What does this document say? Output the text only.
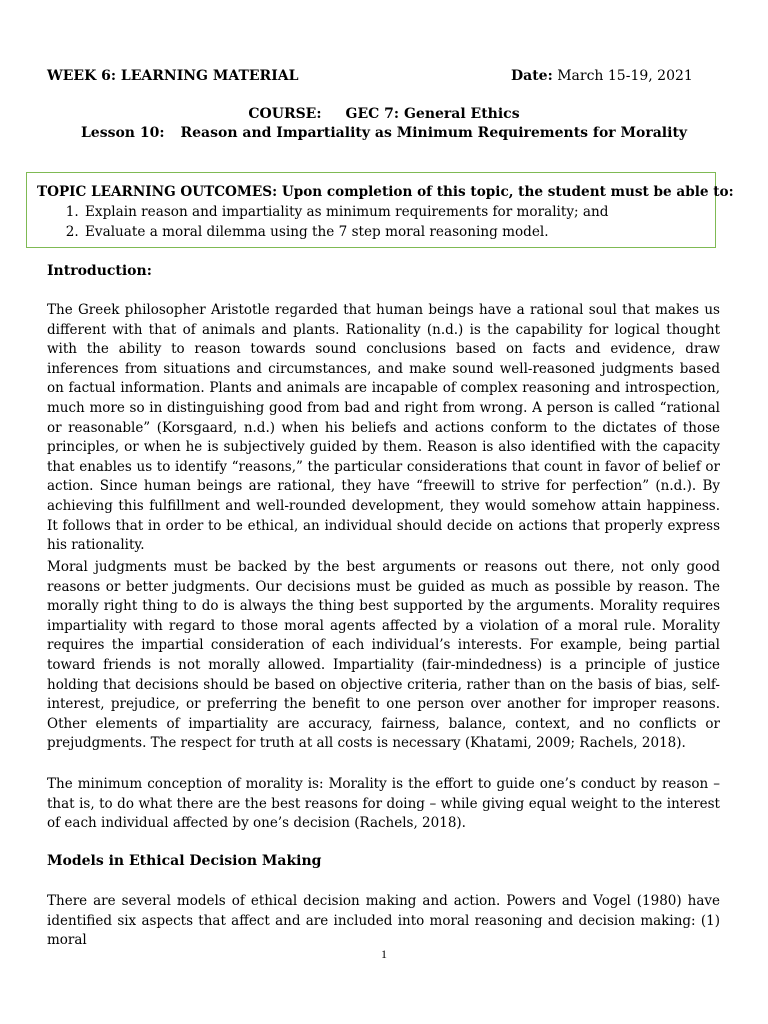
WEEK 6: LEARNING MATERIAL	Date: March 15-19, 2021
COURSE: GEC 7: General Ethics
Lesson 10: Reason and Impartiality as Minimum Requirements for Morality
TOPIC LEARNING OUTCOMES: Upon completion of this topic, the student must be able to:
1. Explain reason and impartiality as minimum requirements for morality; and
2. Evaluate a moral dilemma using the 7 step moral reasoning model.
Introduction:

The Greek philosopher Aristotle regarded that human beings have a rational soul that makes us different with that of animals and plants. Rationality (n.d.) is the capability for logical thought with the ability to reason towards sound conclusions based on facts and evidence, draw inferences from situations and circumstances, and make sound well-reasoned judgments based on factual information. Plants and animals are incapable of complex reasoning and introspection, much more so in distinguishing good from bad and right from wrong. A person is called “rational or reasonable” (Korsgaard, n.d.) when his beliefs and actions conform to the dictates of those principles, or when he is subjectively guided by them. Reason is also identified with the capacity that enables us to identify “reasons,” the particular considerations that count in favor of belief or action. Since human beings are rational, they have “freewill to strive for perfection” (n.d.). By achieving this fulfillment and well-rounded development, they would somehow attain happiness. It follows that in order to be ethical, an individual should decide on actions that properly express his rationality.

Moral judgments must be backed by the best arguments or reasons out there, not only good reasons or better judgments. Our decisions must be guided as much as possible by reason. The morally right thing to do is always the thing best supported by the arguments. Morality requires impartiality with regard to those moral agents affected by a violation of a moral rule. Morality requires the impartial consideration of each individual’s interests. For example, being partial toward friends is not morally allowed. Impartiality (fair-mindedness) is a principle of justice holding that decisions should be based on objective criteria, rather than on the basis of bias, self-interest, prejudice, or preferring the benefit to one person over another for improper reasons. Other elements of impartiality are accuracy, fairness, balance, context, and no conflicts or prejudgments. The respect for truth at all costs is necessary (Khatami, 2009; Rachels, 2018).

The minimum conception of morality is: Morality is the effort to guide one’s conduct by reason – that is, to do what there are the best reasons for doing – while giving equal weight to the interest of each individual affected by one’s decision (Rachels, 2018).

Models in Ethical Decision Making

There are several models of ethical decision making and action. Powers and Vogel (1980) have identified six aspects that affect and are included into moral reasoning and decision making: (1) moral

1
